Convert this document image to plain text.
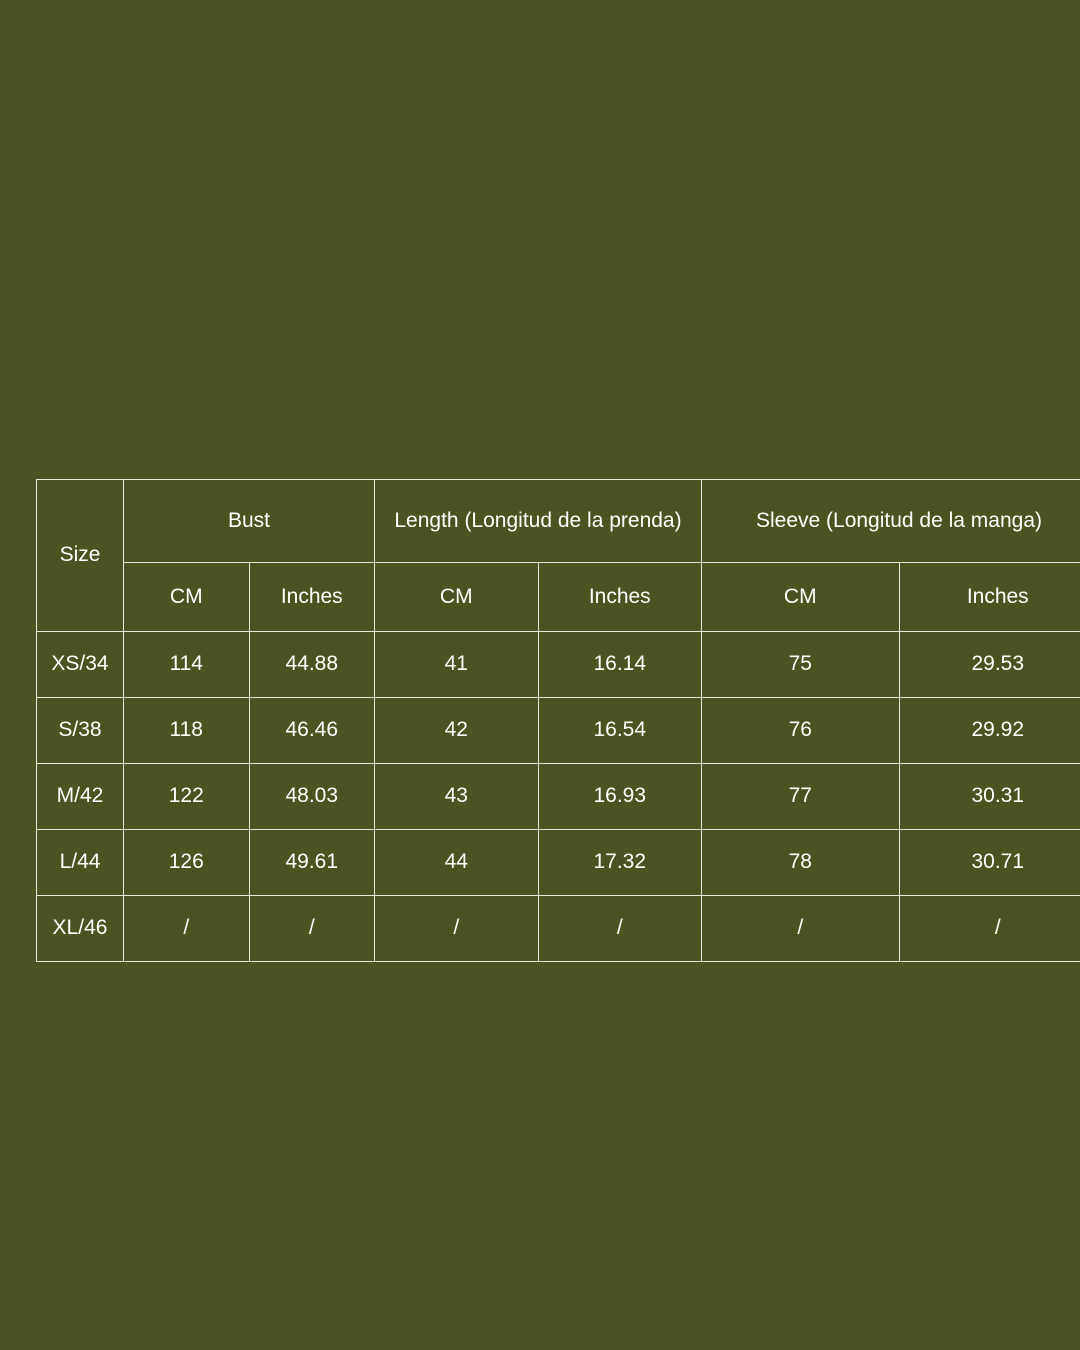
Size	Bust		Length (Longitud de la prenda)		Sleeve (Longitud de la manga)	
	CM	Inches	CM	Inches	CM	Inches
XS/34	114	44.88	41	16.14	75	29.53
S/38	118	46.46	42	16.54	76	29.92
M/42	122	48.03	43	16.93	77	30.31
L/44	126	49.61	44	17.32	78	30.71
XL/46	/	/	/	/	/	/
